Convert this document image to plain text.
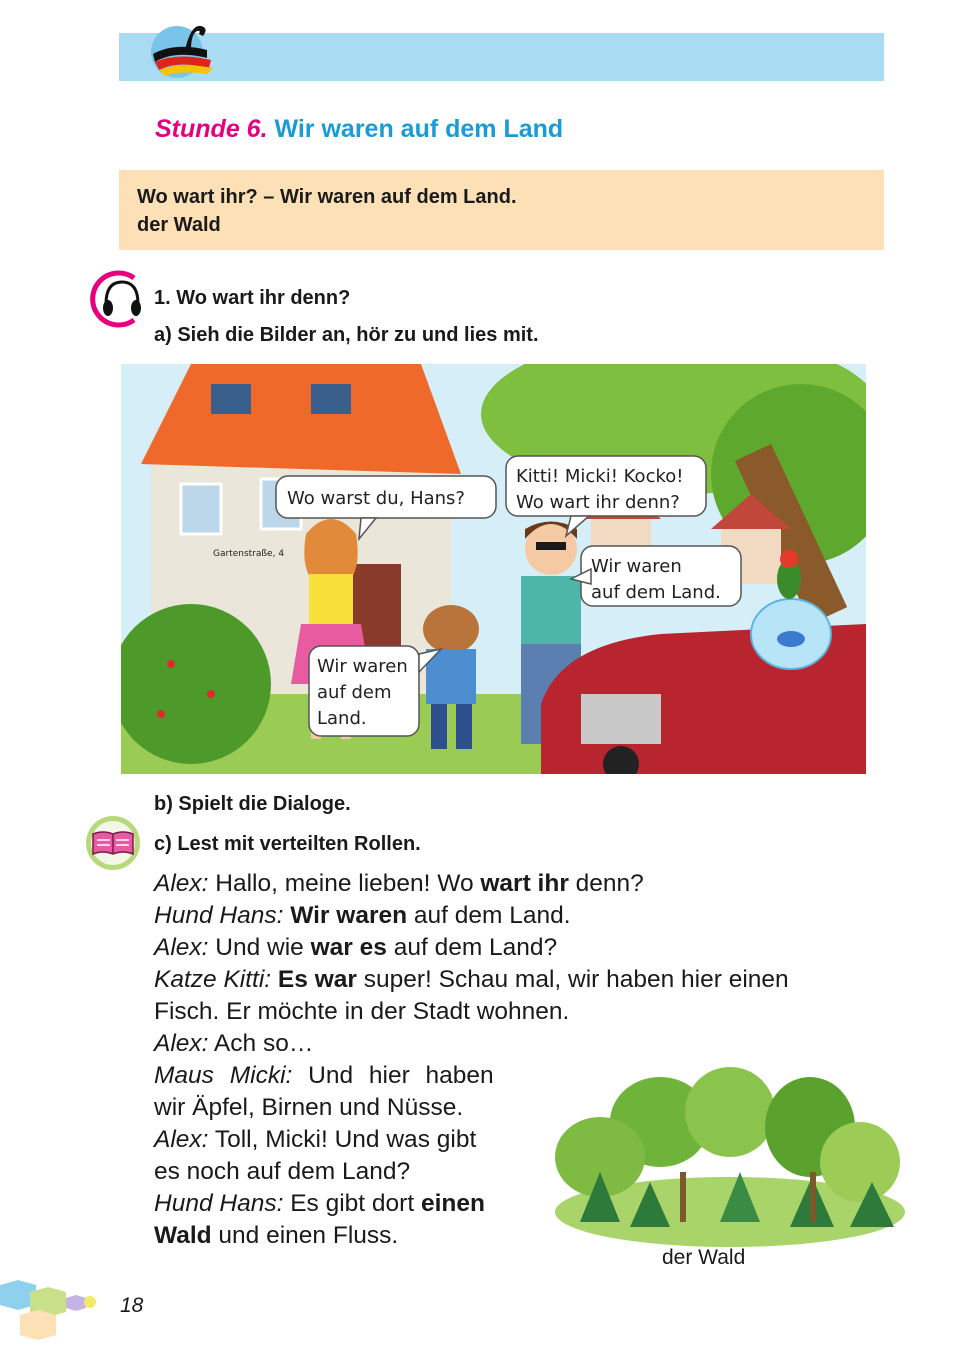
Stunde 6. Wir waren auf dem Land
Wo wart ihr? – Wir waren auf dem Land.
der Wald
1. Wo wart ihr denn?
a) Sieh die Bilder an, hör zu und lies mit.
Gartenstraße, 4
Wo warst du, Hans?
Kitti! Micki! Kocko!
Wo wart ihr denn?
Wir waren
auf dem Land.
Wir waren
auf dem
Land.
b) Spielt die Dialoge.
c) Lest mit verteilten Rollen.

Alex: Hallo, meine lieben! Wo wart ihr denn?

Hund Hans: Wir waren auf dem Land.

Alex: Und wie war es auf dem Land?

Katze Kitti: Es war super! Schau mal, wir haben hier einen

Fisch. Er möchte in der Stadt wohnen.

Alex: Ach so…

Maus Micki: Und hier haben

wir Äpfel, Birnen und Nüsse.

Alex: Toll, Micki! Und was gibt

es noch auf dem Land?

Hund Hans: Es gibt dort einen

Wald und einen Fluss.

der Wald
18
